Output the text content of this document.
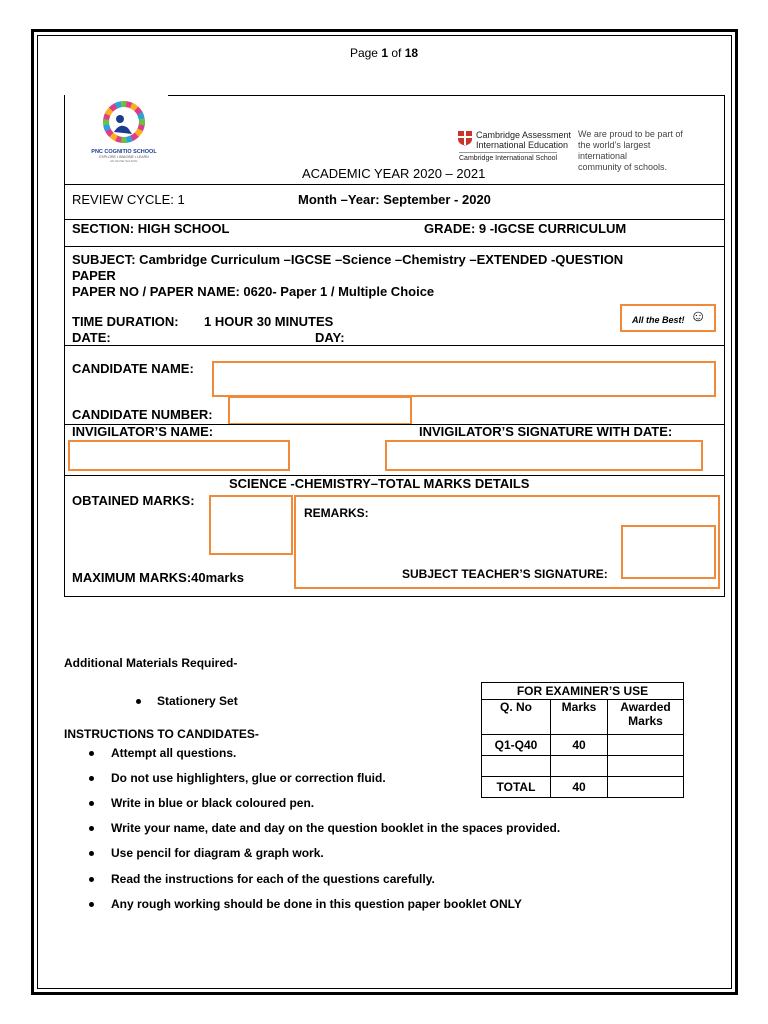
Page 1 of 18
PNC COGNITIO SCHOOL
EXPLORE • IMAGINE • LEARN
AN IGCSE SCHOOL
Cambridge Assessment
International Education
Cambridge International School
We are proud to be part of
the world’s largest international
community of schools.
ACADEMIC YEAR 2020 – 2021
REVIEW CYCLE: 1	Month –Year: September - 2020
SECTION: HIGH SCHOOL	GRADE: 9 -IGCSE CURRICULUM
SUBJECT: Cambridge Curriculum –IGCSE –Science –Chemistry –EXTENDED -QUESTION
PAPER
PAPER NO / PAPER NAME: 0620- Paper 1 / Multiple Choice
TIME DURATION: 1 HOUR 30 MINUTES	All the Best! ☺
DATE:	DAY:
CANDIDATE NAME:
CANDIDATE NUMBER:
INVIGILATOR’S NAME:	INVIGILATOR’S SIGNATURE WITH DATE:
SCIENCE -CHEMISTRY–TOTAL MARKS DETAILS
OBTAINED MARKS:
REMARKS:
SUBJECT TEACHER’S SIGNATURE:
MAXIMUM MARKS:40marks
Additional Materials Required-
Stationery Set
INSTRUCTIONS TO CANDIDATES-
Attempt all questions.
Do not use highlighters, glue or correction fluid.
Write in blue or black coloured pen.
Write your name, date and day on the question booklet in the spaces provided.
Use pencil for diagram & graph work.
Read the instructions for each of the questions carefully.
Any rough working should be done in this question paper booklet ONLY
FOR EXAMINER’S USE		
Q. No	Marks	Awarded Marks
Q1-Q40	40	

TOTAL	40	
